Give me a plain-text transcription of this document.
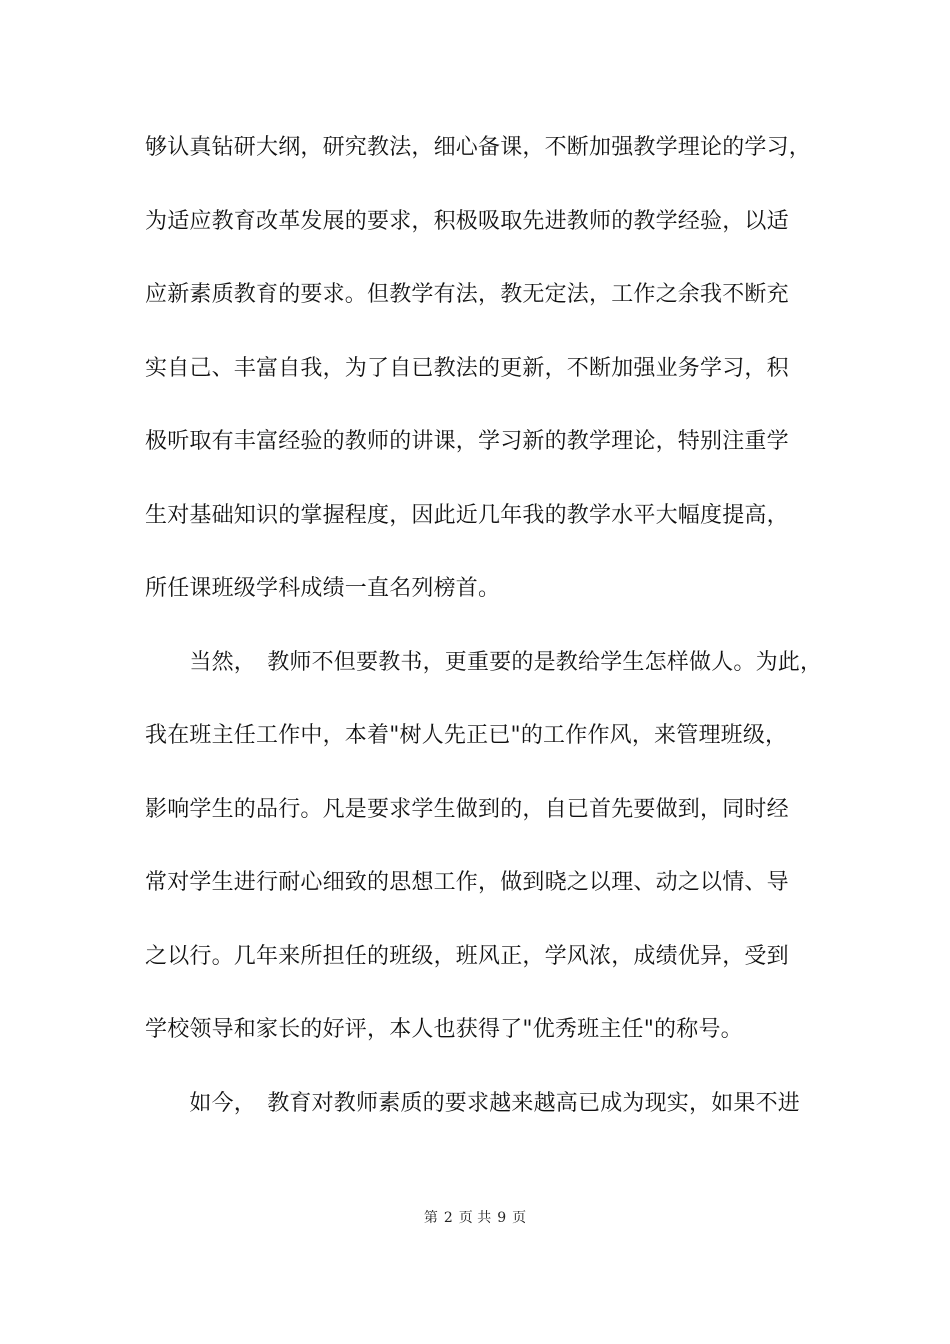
够认真钻研大纲，研究教法，细心备课，不断加强教学理论的学习，
为适应教育改革发展的要求，积极吸取先进教师的教学经验，以适
应新素质教育的要求。但教学有法，教无定法，工作之余我不断充
实自己、丰富自我，为了自已教法的更新，不断加强业务学习，积
极听取有丰富经验的教师的讲课，学习新的教学理论，特别注重学
生对基础知识的掌握程度，因此近几年我的教学水平大幅度提高，
所任课班级学科成绩一直名列榜首。
　　当然，　教师不但要教书，更重要的是教给学生怎样做人。为此，
我在班主任工作中，本着"树人先正已"的工作作风，来管理班级，
影响学生的品行。凡是要求学生做到的，自已首先要做到，同时经
常对学生进行耐心细致的思想工作，做到晓之以理、动之以情、导
之以行。几年来所担任的班级，班风正，学风浓，成绩优异，受到
学校领导和家长的好评，本人也获得了"优秀班主任"的称号。
　　如今，　教育对教师素质的要求越来越高已成为现实，如果不进
第 2 页 共 9 页
